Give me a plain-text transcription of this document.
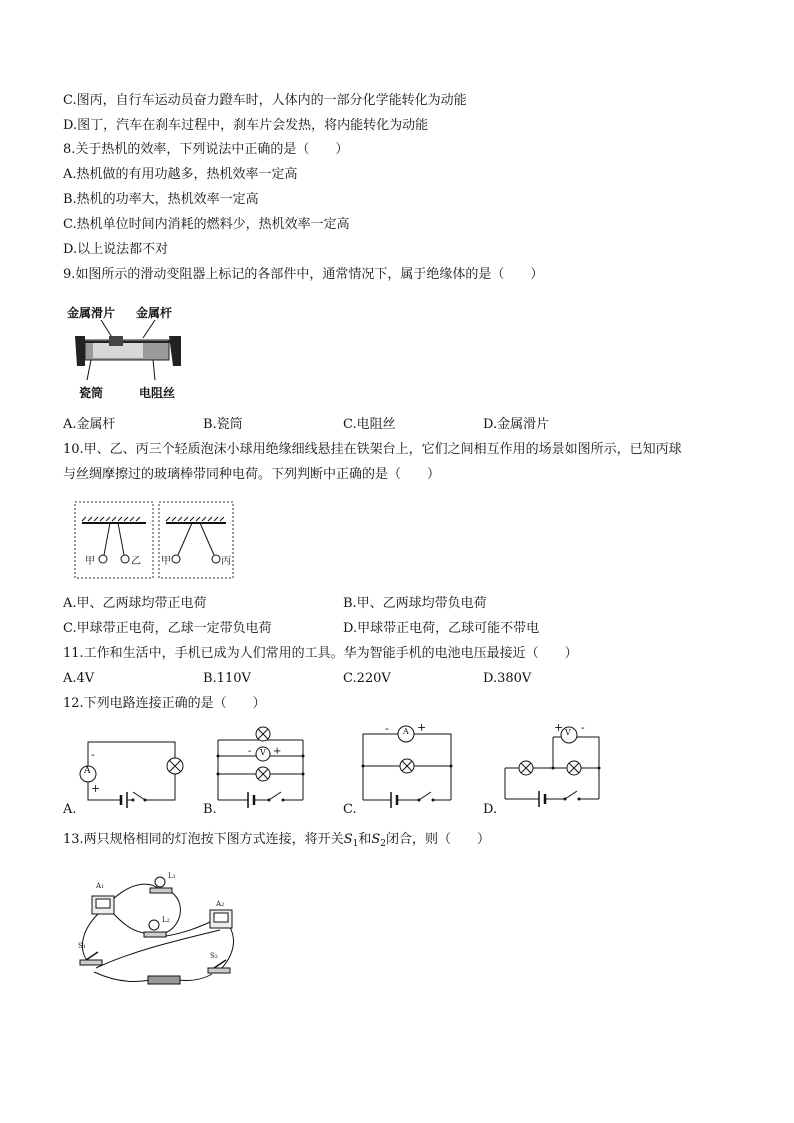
C.图丙，自行车运动员奋力蹬车时，人体内的一部分化学能转化为动能
D.图丁，汽车在刹车过程中，刹车片会发热，将内能转化为动能
8.关于热机的效率，下列说法中正确的是（　　）
A.热机做的有用功越多，热机效率一定高
B.热机的功率大，热机效率一定高
C.热机单位时间内消耗的燃料少，热机效率一定高
D.以上说法都不对
9.如图所示的滑动变阻器上标记的各部件中，通常情况下，属于绝缘体的是（　　）
金属滑片 金属杆
瓷筒	电阻丝
A.金属杆	B.瓷筒	C.电阻丝	D.金属滑片
10.甲、乙、丙三个轻质泡沫小球用绝缘细线悬挂在铁架台上，它们之间相互作用的场景如图所示，已知丙球
与丝绸摩擦过的玻璃棒带同种电荷。下列判断中正确的是（　　）
甲	乙 甲	丙
A.甲、乙两球均带正电荷	B.甲、乙两球均带负电荷
C.甲球带正电荷，乙球一定带负电荷	D.甲球带正电荷，乙球可能不带电
11.工作和生活中，手机已成为人们常用的工具。华为智能手机的电池电压最接近（　　）
A.4V	B.110V	C.220V	D.380V
12.下列电路连接正确的是（　　）
A
-
+
A.
V
- +
B.
A
-	+
C.
V
+ -
D.
13.两只规格相同的灯泡按下图方式连接，将开关$S_1$和$S_2$闭合，则（　　）
A1
L1
L2
A2
S1
S2
